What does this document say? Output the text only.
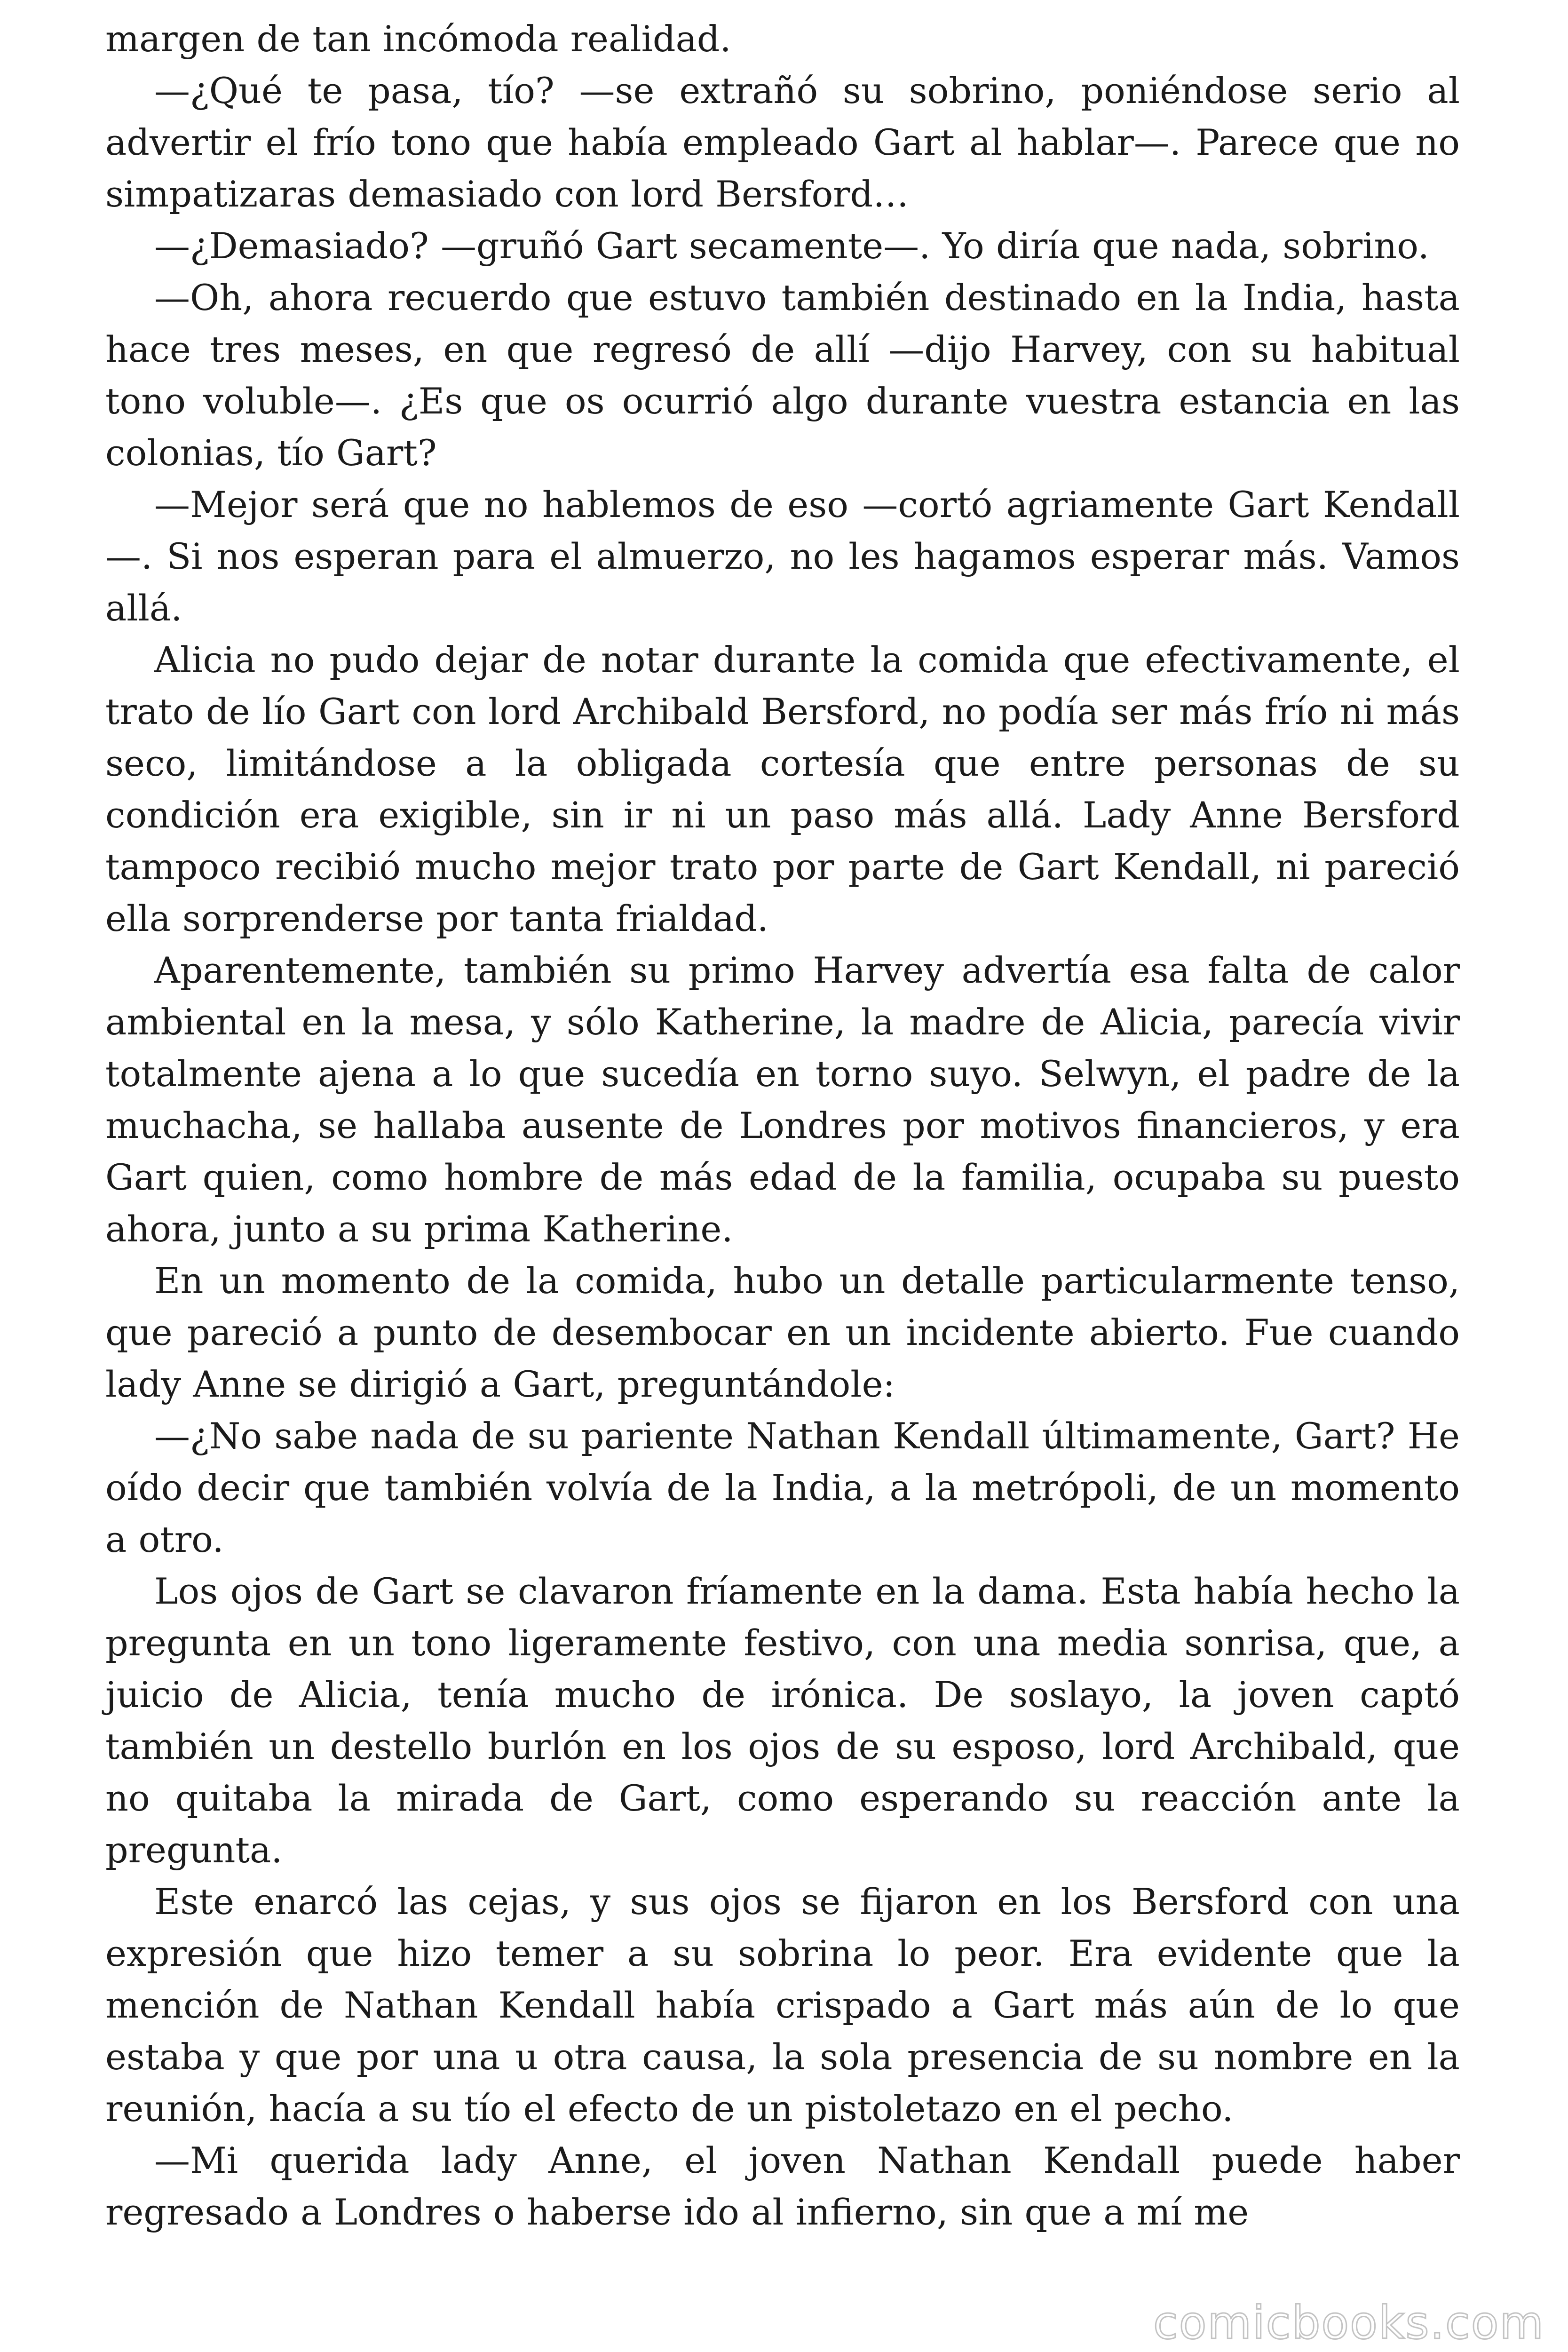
margen de tan incómoda realidad.

—¿Qué te pasa, tío? —se extrañó su sobrino, poniéndose serio al advertir el frío tono que había empleado Gart al hablar—. Parece que no simpatizaras demasiado con lord Bersford…

—¿Demasiado? —gruñó Gart secamente—. Yo diría que nada, sobrino.

—Oh, ahora recuerdo que estuvo también destinado en la India, hasta hace tres meses, en que regresó de allí —dijo Harvey, con su habitual tono voluble—. ¿Es que os ocurrió algo durante vuestra estancia en las colonias, tío Gart?

—Mejor será que no hablemos de eso —cortó agriamente Gart Kendall—. Si nos esperan para el almuerzo, no les hagamos esperar más. Vamos allá.

Alicia no pudo dejar de notar durante la comida que efectivamente, el trato de lío Gart con lord Archibald Bersford, no podía ser más frío ni más seco, limitándose a la obligada cortesía que entre personas de su condición era exigible, sin ir ni un paso más allá. Lady Anne Bersford tampoco recibió mucho mejor trato por parte de Gart Kendall, ni pareció ella sorprenderse por tanta frialdad.

Aparentemente, también su primo Harvey advertía esa falta de calor ambiental en la mesa, y sólo Katherine, la madre de Alicia, parecía vivir totalmente ajena a lo que sucedía en torno suyo. Selwyn, el padre de la muchacha, se hallaba ausente de Londres por motivos financieros, y era Gart quien, como hombre de más edad de la familia, ocupaba su puesto ahora, junto a su prima Katherine.

En un momento de la comida, hubo un detalle particularmente tenso, que pareció a punto de desembocar en un incidente abierto. Fue cuando lady Anne se dirigió a Gart, preguntándole:

—¿No sabe nada de su pariente Nathan Kendall últimamente, Gart? He oído decir que también volvía de la India, a la metrópoli, de un momento a otro.

Los ojos de Gart se clavaron fríamente en la dama. Esta había hecho la pregunta en un tono ligeramente festivo, con una media sonrisa, que, a juicio de Alicia, tenía mucho de irónica. De soslayo, la joven captó también un destello burlón en los ojos de su esposo, lord Archibald, que no quitaba la mirada de Gart, como esperando su reacción ante la pregunta.

Este enarcó las cejas, y sus ojos se fijaron en los Bersford con una expresión que hizo temer a su sobrina lo peor. Era evidente que la mención de Nathan Kendall había crispado a Gart más aún de lo que estaba y que por una u otra causa, la sola presencia de su nombre en la reunión, hacía a su tío el efecto de un pistoletazo en el pecho.

—Mi querida lady Anne, el joven Nathan Kendall puede haber regresado a Londres o haberse ido al infierno, sin que a mí me

comicbooks.com
